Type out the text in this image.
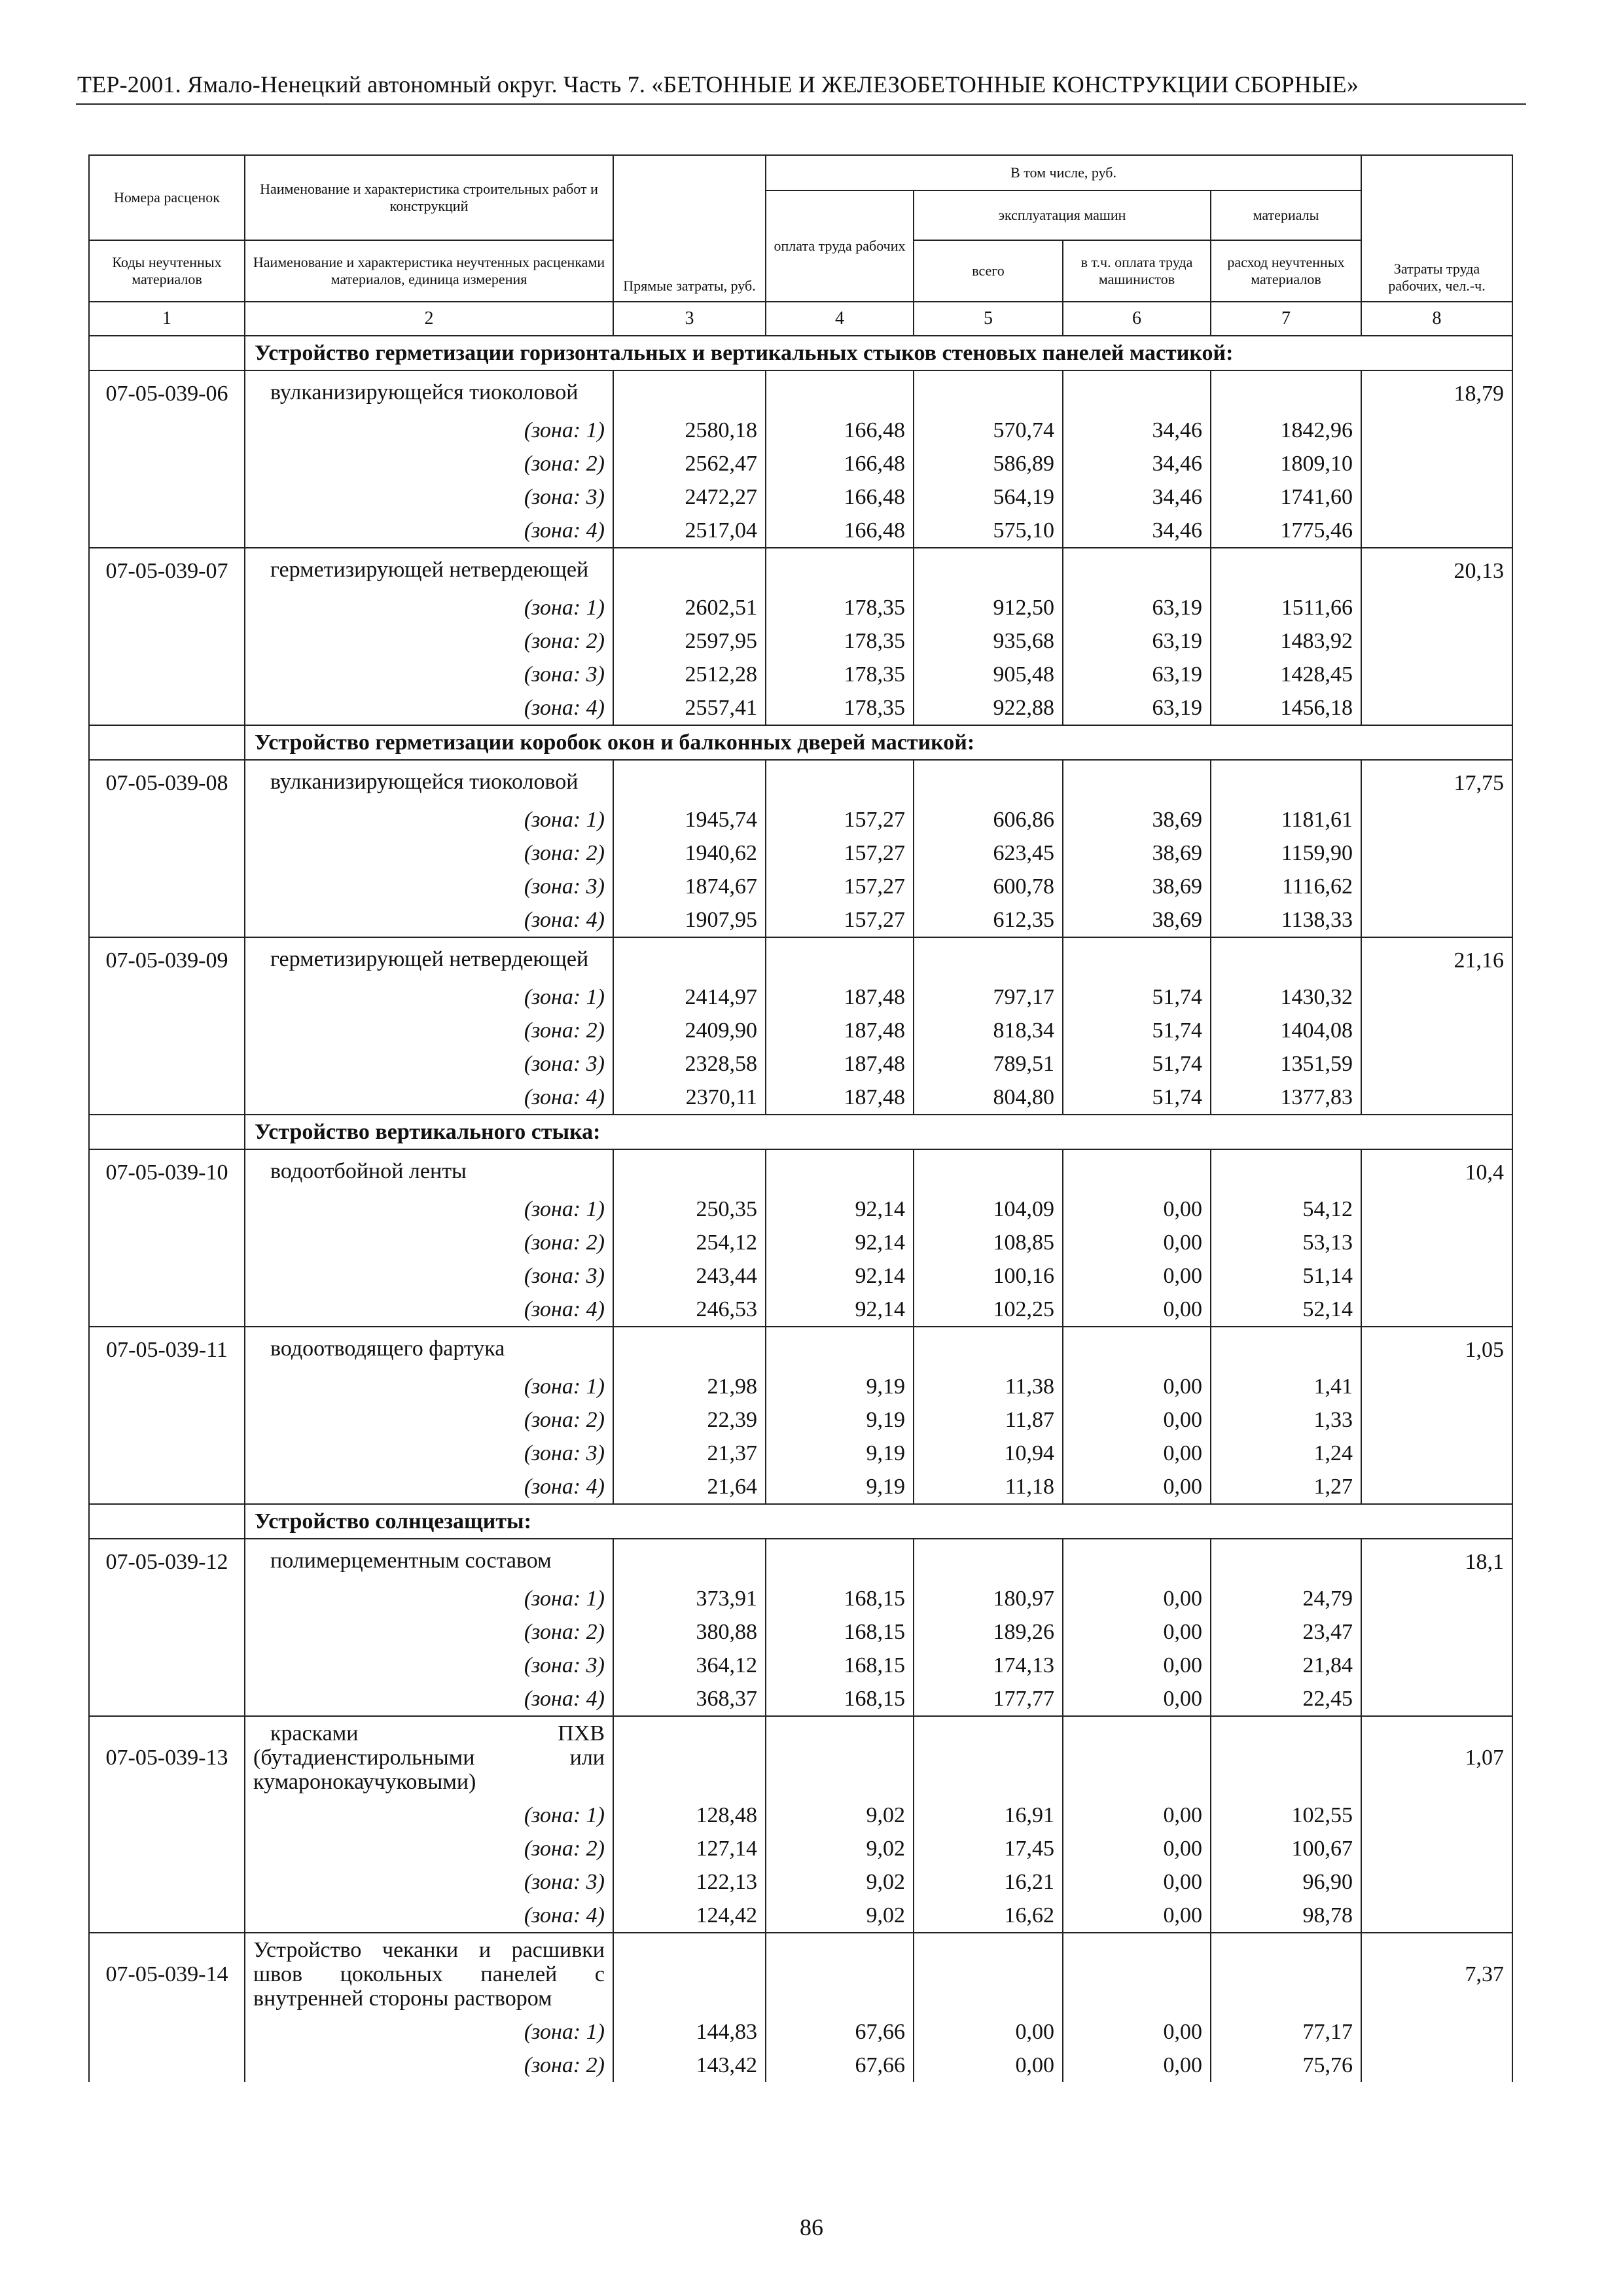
ТЕР-2001. Ямало-Ненецкий автономный округ. Часть 7. «БЕТОННЫЕ И ЖЕЛЕЗОБЕТОННЫЕ КОНСТРУКЦИИ СБОРНЫЕ»
Номера расценок	Наименование и характеристика строительных работ и конструкций	Прямые затраты, руб.	В том числе, руб.				Затраты труда рабочих, чел.-ч.
			оплата труда рабочих	эксплуатация машин		материалы	
Коды неучтенных материалов	Наименование и характеристика неучтенных расценками материалов, единица измерения			всего	в т.ч. оплата труда машинистов	расход неучтенных материалов	
1	2	3	4	5	6	7	8
	Устройство герметизации горизонтальных и вертикальных стыков стеновых панелей мастикой:						
07-05-039-06	вулканизирующейся тиоколовой						18,79
	(зона: 1)	2580,18	166,48	570,74	34,46	1842,96	
	(зона: 2)	2562,47	166,48	586,89	34,46	1809,10	
	(зона: 3)	2472,27	166,48	564,19	34,46	1741,60	
	(зона: 4)	2517,04	166,48	575,10	34,46	1775,46	
07-05-039-07	герметизирующей нетвердеющей						20,13
	(зона: 1)	2602,51	178,35	912,50	63,19	1511,66	
	(зона: 2)	2597,95	178,35	935,68	63,19	1483,92	
	(зона: 3)	2512,28	178,35	905,48	63,19	1428,45	
	(зона: 4)	2557,41	178,35	922,88	63,19	1456,18	
	Устройство герметизации коробок окон и балконных дверей мастикой:						
07-05-039-08	вулканизирующейся тиоколовой						17,75
	(зона: 1)	1945,74	157,27	606,86	38,69	1181,61	
	(зона: 2)	1940,62	157,27	623,45	38,69	1159,90	
	(зона: 3)	1874,67	157,27	600,78	38,69	1116,62	
	(зона: 4)	1907,95	157,27	612,35	38,69	1138,33	
07-05-039-09	герметизирующей нетвердеющей						21,16
	(зона: 1)	2414,97	187,48	797,17	51,74	1430,32	
	(зона: 2)	2409,90	187,48	818,34	51,74	1404,08	
	(зона: 3)	2328,58	187,48	789,51	51,74	1351,59	
	(зона: 4)	2370,11	187,48	804,80	51,74	1377,83	
	Устройство вертикального стыка:						
07-05-039-10	водоотбойной ленты						10,4
	(зона: 1)	250,35	92,14	104,09	0,00	54,12	
	(зона: 2)	254,12	92,14	108,85	0,00	53,13	
	(зона: 3)	243,44	92,14	100,16	0,00	51,14	
	(зона: 4)	246,53	92,14	102,25	0,00	52,14	
07-05-039-11	водоотводящего фартука						1,05
	(зона: 1)	21,98	9,19	11,38	0,00	1,41	
	(зона: 2)	22,39	9,19	11,87	0,00	1,33	
	(зона: 3)	21,37	9,19	10,94	0,00	1,24	
	(зона: 4)	21,64	9,19	11,18	0,00	1,27	
	Устройство солнцезащиты:						
07-05-039-12	полимерцементным составом						18,1
	(зона: 1)	373,91	168,15	180,97	0,00	24,79	
	(зона: 2)	380,88	168,15	189,26	0,00	23,47	
	(зона: 3)	364,12	168,15	174,13	0,00	21,84	
	(зона: 4)	368,37	168,15	177,77	0,00	22,45	
07-05-039-13	красками ПХВ (бутадиенстирольными или кумаронокаучуковыми)						1,07
	(зона: 1)	128,48	9,02	16,91	0,00	102,55	
	(зона: 2)	127,14	9,02	17,45	0,00	100,67	
	(зона: 3)	122,13	9,02	16,21	0,00	96,90	
	(зона: 4)	124,42	9,02	16,62	0,00	98,78	
07-05-039-14	Устройство чеканки и расшивки швов цокольных панелей с внутренней стороны раствором						7,37
	(зона: 1)	144,83	67,66	0,00	0,00	77,17	
	(зона: 2)	143,42	67,66	0,00	0,00	75,76	
86
